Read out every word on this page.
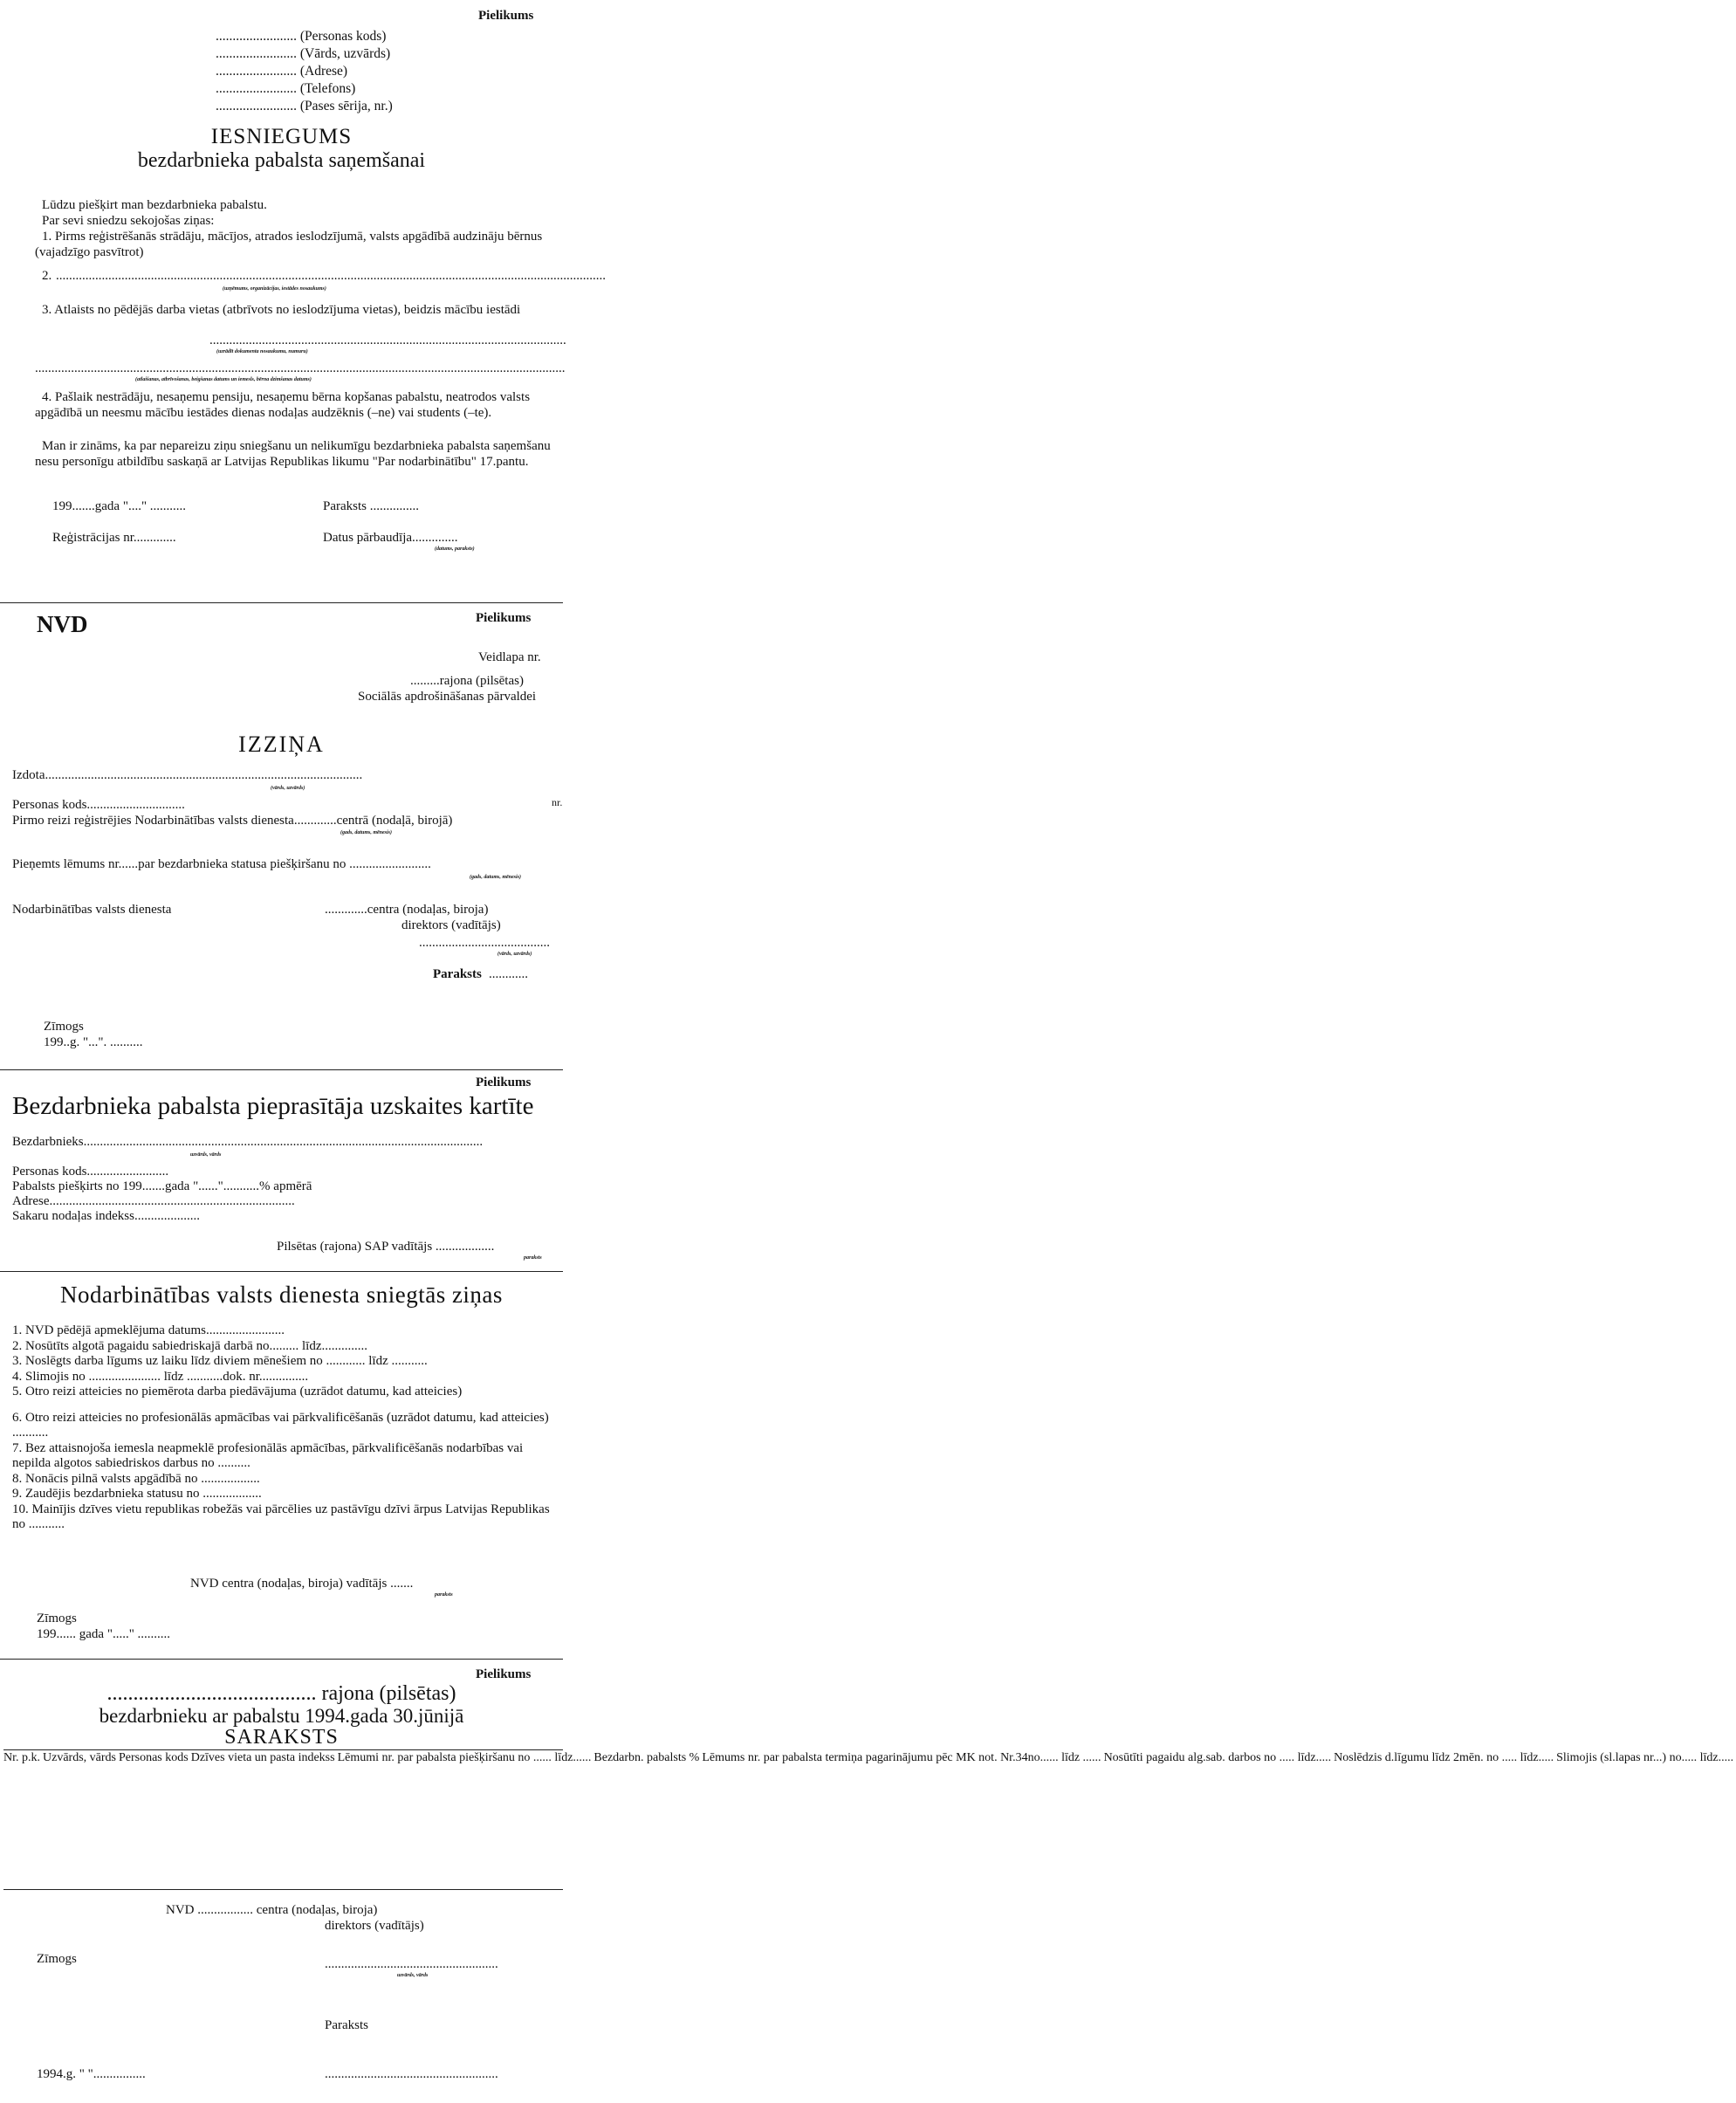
Pielikums
........................ (Personas kods)
........................ (Vārds, uzvārds)
........................ (Adrese)
........................ (Telefons)
........................ (Pases sērija, nr.)
IESNIEGUMS
bezdarbnieka pabalsta saņemšanai
Lūdzu piešķirt man bezdarbnieka pabalstu.
Par sevi sniedzu sekojošas ziņas:
1. Pirms reģistrēšanās strādāju, mācījos, atrados ieslodzījumā, valsts apgādībā audzināju bērnus (vajadzīgo pasvītrot)
2. ........................................................................................................................................................................
(uzņēmums, organizācijas, iestādes nosaukums)
3. Atlaists no pēdējās darba vietas (atbrīvots no ieslodzījuma vietas), beidzis mācību iestādi
.............................................................................................................
(uzrādīt dokumenta nosaukumu, numuru)
..................................................................................................................................................................
(atlaišanas, atbrīvošanas, beigšanas datums un iemesls, bērna dzimšanas datums)
4. Pašlaik nestrādāju, nesaņemu pensiju, nesaņemu bērna kopšanas pabalstu, neatrodos valsts apgādībā un neesmu mācību iestādes dienas nodaļas audzēknis (–ne) vai students (–te).
Man ir zināms, ka par nepareizu ziņu sniegšanu un nelikumīgu bezdarbnieka pabalsta saņemšanu nesu personīgu atbildību saskaņā ar Latvijas Republikas likumu "Par nodarbinātību" 17.pantu.
199.......gada "...." ...........	Paraksts ...............
Reģistrācijas nr.............	Datus pārbaudīja..............
(datums, paraksts)
NVD	Pielikums
Veidlapa nr.
.........rajona (pilsētas)
Sociālās apdrošināšanas pārvaldei
IZZIŅA
Izdota.................................................................................................
(vārds, uzvārds)
nr.
Personas kods..............................
Pirmo reizi reģistrējies Nodarbinātības valsts dienesta.............centrā (nodaļā, birojā)
(gads, datums, mēnesis)
Pieņemts lēmums nr......par bezdarbnieka statusa piešķiršanu no .........................
(gads, datums, mēnesis)
Nodarbinātības valsts dienesta	.............centra (nodaļas, biroja)
direktors (vadītājs)
........................................
(vārds, uzvārds)
Paraksts ............
Zīmogs
199..g. "...". ..........
Pielikums
Bezdarbnieka pabalsta pieprasītāja uzskaites kartīte
Bezdarbnieks..........................................................................................................................
uzvārds, vārds
Personas kods.........................
Pabalsts piešķirts no 199.......gada "......"...........% apmērā
Adrese...........................................................................
Sakaru nodaļas indekss....................
Pilsētas (rajona) SAP vadītājs ..................
paraksts
Nodarbinātības valsts dienesta sniegtās ziņas
1. NVD pēdējā apmeklējuma datums........................
2. Nosūtīts algotā pagaidu sabiedriskajā darbā no......... līdz..............
3. Noslēgts darba līgums uz laiku līdz diviem mēnešiem no ............ līdz ...........
4. Slimojis no ...................... līdz ...........dok. nr...............
5. Otro reizi atteicies no piemērota darba piedāvājuma (uzrādot datumu, kad atteicies)
6. Otro reizi atteicies no profesionālās apmācības vai pārkvalificēšanās (uzrādot datumu, kad atteicies) ...........
7. Bez attaisnojoša iemesla neapmeklē profesionālās apmācības, pārkvalificēšanās nodarbības vai nepilda algotos sabiedriskos darbus no ..........
8. Nonācis pilnā valsts apgādībā no ..................
9. Zaudējis bezdarbnieka statusu no ..................
10. Mainījis dzīves vietu republikas robežās vai pārcēlies uz pastāvīgu dzīvi ārpus Latvijas Republikas no ...........
NVD centra (nodaļas, biroja) vadītājs .......
paraksts
Zīmogs
199...... gada "....." ..........
Pielikums
........................................ rajona (pilsētas)
bezdarbnieku ar pabalstu 1994.gada 30.jūnijā
SARAKSTS
Nr. p.k.	Uzvārds, vārds	Personas kods	Dzīves vieta un pasta indekss	Lēmumi nr. par pabalsta piešķiršanu no ...... līdz......	Bezdarbn. pabalsts %	Lēmums nr. par pabalsta termiņa pagarinājumu pēc MK not. Nr.34no...... līdz ......	Nosūtīti pagaidu alg.sab. darbos no ..... līdz.....	Noslēdzis d.līgumu līdz 2mēn. no ..... līdz.....	Slimojis (sl.lapas nr...) no..... līdz.....
NVD ................. centra (nodaļas, biroja)
direktors (vadītājs)
Zīmogs	.....................................................
uzvārds, vārds
Paraksts
1994.g. " "................	.....................................................
